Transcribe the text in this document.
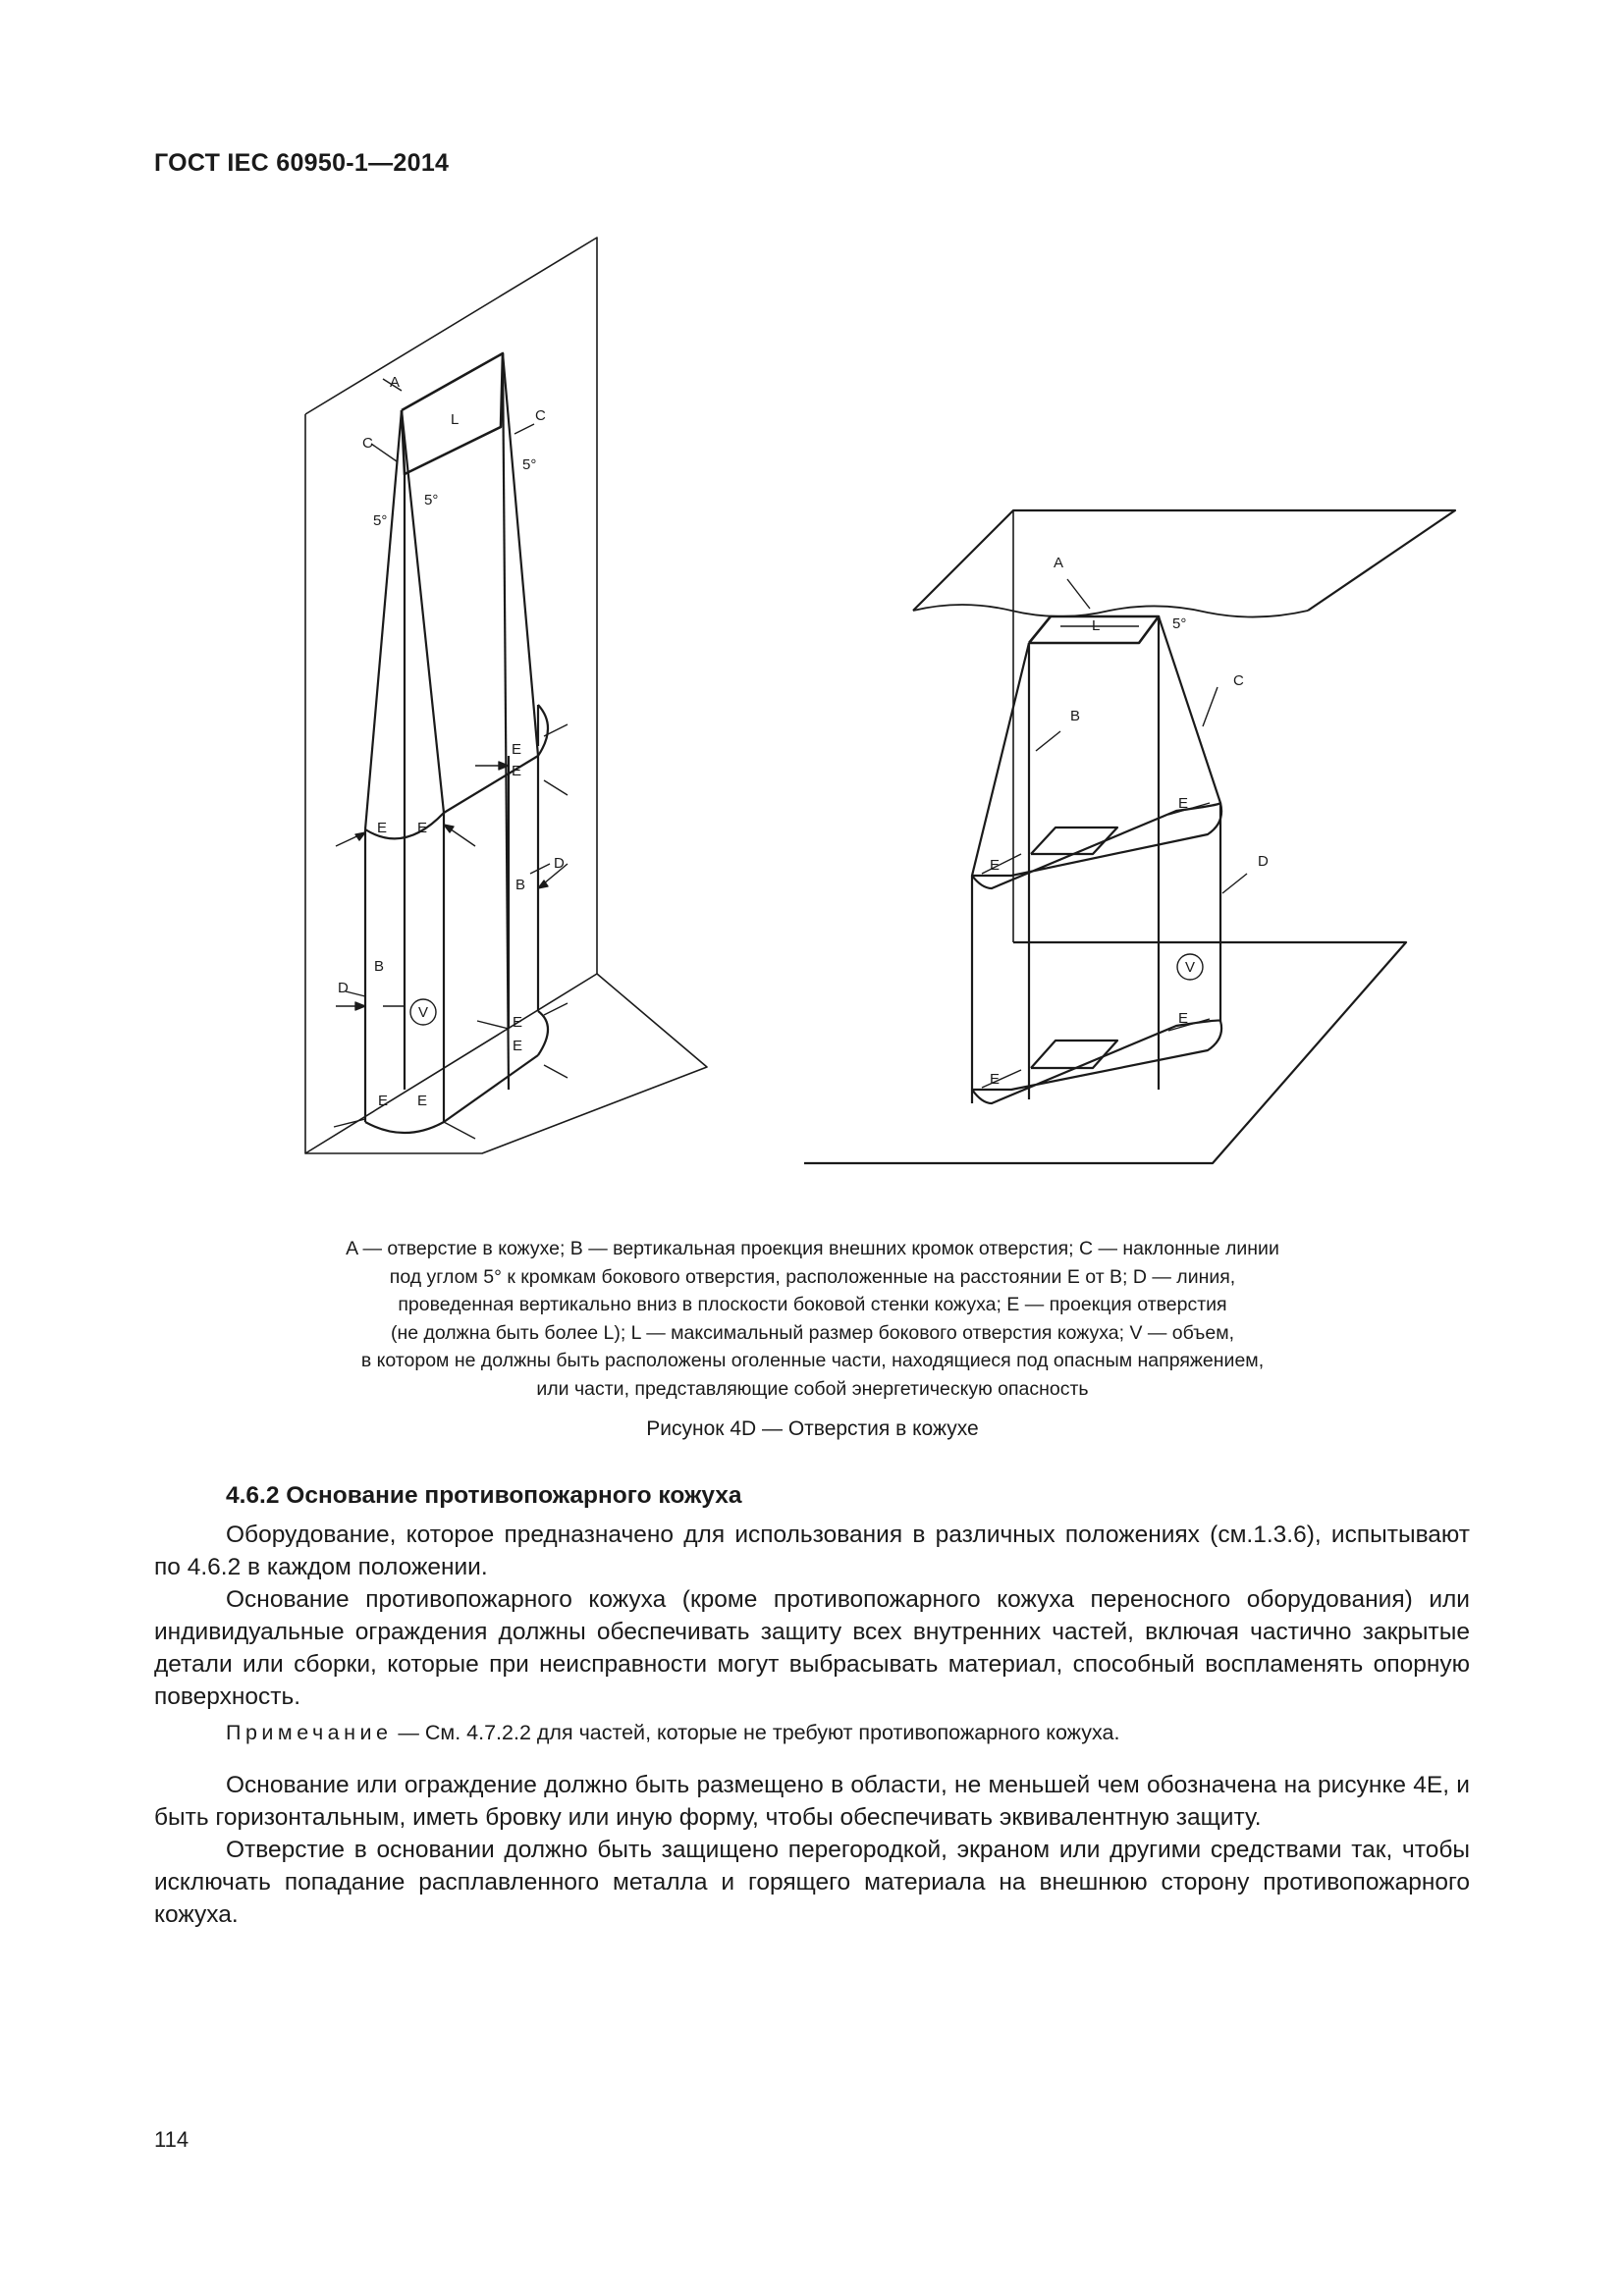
ГОСТ IEC 60950-1—2014
A
L
C
C
5°
5°
5°
E
E
E E
D
B
B
D
V
E
E
E E
A
L	5°
C
B
E
E	D
V
E
E
A — отверстие в кожухе; B — вертикальная проекция внешних кромок отверстия; C — наклонные линии
под углом 5° к кромкам бокового отверстия, расположенные на расстоянии E от B; D — линия,
проведенная вертикально вниз в плоскости боковой стенки кожуха; E — проекция отверстия
(не должна быть более L); L — максимальный размер бокового отверстия кожуха; V — объем,
в котором не должны быть расположены оголенные части, находящиеся под опасным напряжением,
или части, представляющие собой энергетическую опасность
Рисунок 4D — Отверстия в кожухе
4.6.2 Основание противопожарного кожуха

Оборудование, которое предназначено для использования в различных положениях (см.1.3.6), испытывают по 4.6.2 в каждом положении.

Основание противопожарного кожуха (кроме противопожарного кожуха переносного оборудования) или индивидуальные ограждения должны обеспечивать защиту всех внутренних частей, включая частично закрытые детали или сборки, которые при неисправности могут выбрасывать материал, способный воспламенять опорную поверхность.

Примечание — См. 4.7.2.2 для частей, которые не требуют противопожарного кожуха.

Основание или ограждение должно быть размещено в области, не меньшей чем обозначена на рисунке 4E, и быть горизонтальным, иметь бровку или иную форму, чтобы обеспечивать эквивалентную защиту.

Отверстие в основании должно быть защищено перегородкой, экраном или другими средствами так, чтобы исключать попадание расплавленного металла и горящего материала на внешнюю сторону противопожарного кожуха.

114
